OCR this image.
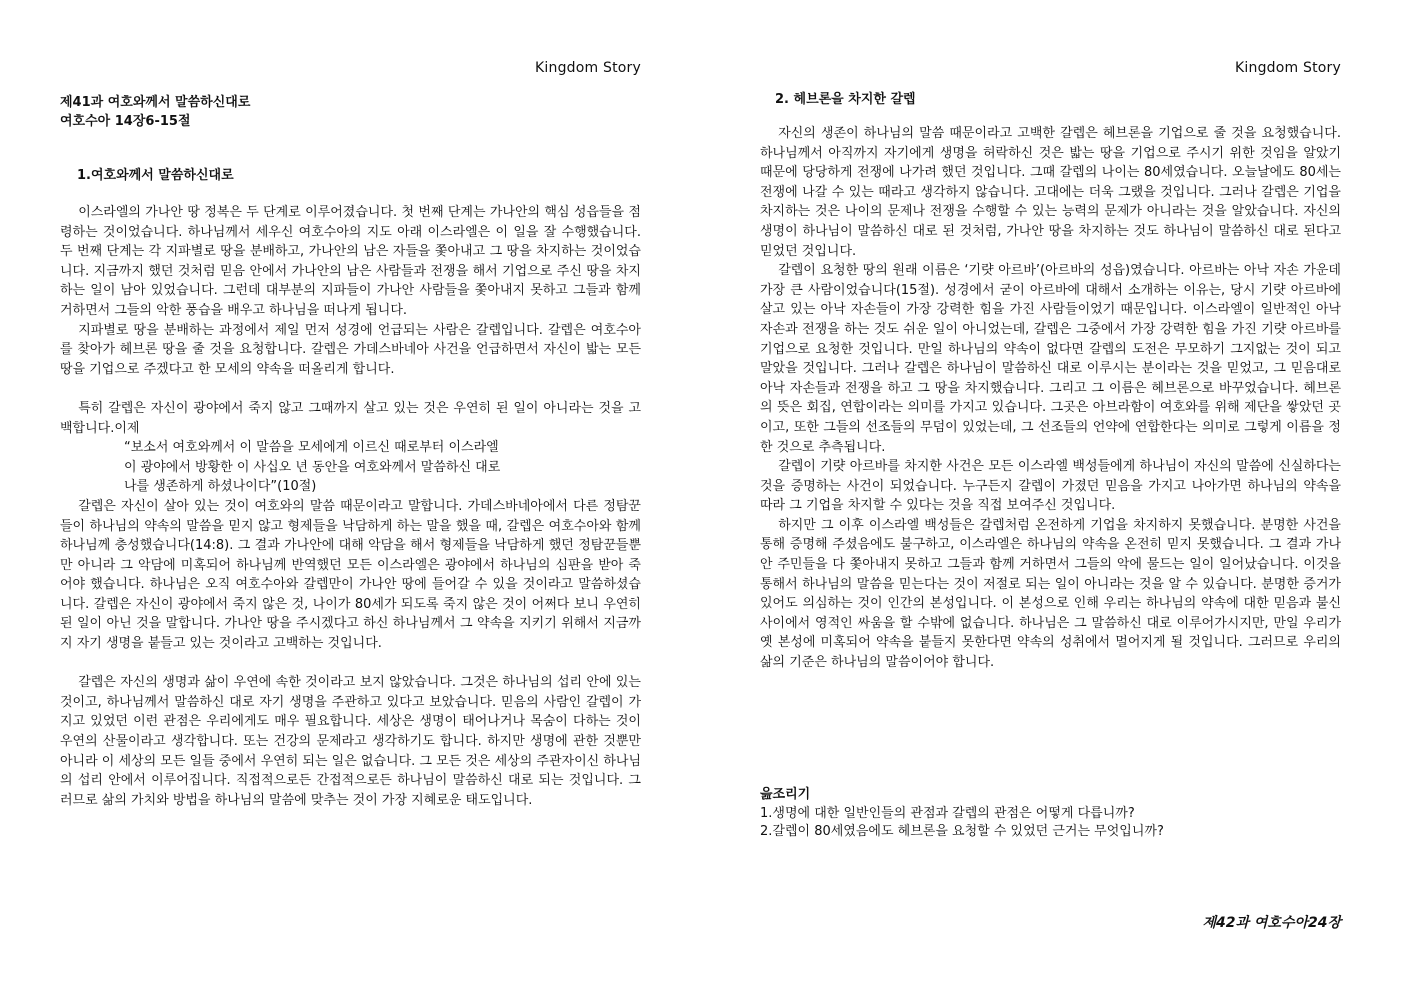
Kingdom Story
제41과 여호와께서 말씀하신대로
여호수아 14장6-15절
1.여호와께서 말씀하신대로

이스라엘의 가나안 땅 정복은 두 단계로 이루어졌습니다. 첫 번째 단계는 가나안의 핵심 성읍들을 점령하는 것이었습니다. 하나님께서 세우신 여호수아의 지도 아래 이스라엘은 이 일을 잘 수행했습니다. 두 번째 단계는 각 지파별로 땅을 분배하고, 가나안의 남은 자들을 쫓아내고 그 땅을 차지하는 것이었습니다. 지금까지 했던 것처럼 믿음 안에서 가나안의 남은 사람들과 전쟁을 해서 기업으로 주신 땅을 차지하는 일이 남아 있었습니다. 그런데 대부분의 지파들이 가나안 사람들을 쫓아내지 못하고 그들과 함께 거하면서 그들의 악한 풍습을 배우고 하나님을 떠나게 됩니다.

지파별로 땅을 분배하는 과정에서 제일 먼저 성경에 언급되는 사람은 갈렙입니다. 갈렙은 여호수아를 찾아가 헤브론 땅을 줄 것을 요청합니다. 갈렙은 가데스바네아 사건을 언급하면서 자신이 밟는 모든 땅을 기업으로 주겠다고 한 모세의 약속을 떠올리게 합니다.

특히 갈렙은 자신이 광야에서 죽지 않고 그때까지 살고 있는 것은 우연히 된 일이 아니라는 것을 고백합니다.이제

“보소서 여호와께서 이 말씀을 모세에게 이르신 때로부터 이스라엘

이 광야에서 방황한 이 사십오 년 동안을 여호와께서 말씀하신 대로

나를 생존하게 하셨나이다”(10절)

갈렙은 자신이 살아 있는 것이 여호와의 말씀 때문이라고 말합니다. 가데스바네아에서 다른 정탐꾼들이 하나님의 약속의 말씀을 믿지 않고 형제들을 낙담하게 하는 말을 했을 때, 갈렙은 여호수아와 함께 하나님께 충성했습니다(14:8). 그 결과 가나안에 대해 악담을 해서 형제들을 낙담하게 했던 정탐꾼들뿐만 아니라 그 악담에 미혹되어 하나님께 반역했던 모든 이스라엘은 광야에서 하나님의 심판을 받아 죽어야 했습니다. 하나님은 오직 여호수아와 갈렙만이 가나안 땅에 들어갈 수 있을 것이라고 말씀하셨습니다. 갈렙은 자신이 광야에서 죽지 않은 것, 나이가 80세가 되도록 죽지 않은 것이 어쩌다 보니 우연히 된 일이 아닌 것을 말합니다. 가나안 땅을 주시겠다고 하신 하나님께서 그 약속을 지키기 위해서 지금까지 자기 생명을 붙들고 있는 것이라고 고백하는 것입니다.

갈렙은 자신의 생명과 삶이 우연에 속한 것이라고 보지 않았습니다. 그것은 하나님의 섭리 안에 있는 것이고, 하나님께서 말씀하신 대로 자기 생명을 주관하고 있다고 보았습니다. 믿음의 사람인 갈렙이 가지고 있었던 이런 관점은 우리에게도 매우 필요합니다. 세상은 생명이 태어나거나 목숨이 다하는 것이 우연의 산물이라고 생각합니다. 또는 건강의 문제라고 생각하기도 합니다. 하지만 생명에 관한 것뿐만 아니라 이 세상의 모든 일들 중에서 우연히 되는 일은 없습니다. 그 모든 것은 세상의 주관자이신 하나님의 섭리 안에서 이루어집니다. 직접적으로든 간접적으로든 하나님이 말씀하신 대로 되는 것입니다. 그러므로 삶의 가치와 방법을 하나님의 말씀에 맞추는 것이 가장 지혜로운 태도입니다.

Kingdom Story
2. 헤브론을 차지한 갈렙

자신의 생존이 하나님의 말씀 때문이라고 고백한 갈렙은 헤브론을 기업으로 줄 것을 요청했습니다. 하나님께서 아직까지 자기에게 생명을 허락하신 것은 밟는 땅을 기업으로 주시기 위한 것임을 알았기 때문에 당당하게 전쟁에 나가려 했던 것입니다. 그때 갈렙의 나이는 80세였습니다. 오늘날에도 80세는 전쟁에 나갈 수 있는 때라고 생각하지 않습니다. 고대에는 더욱 그랬을 것입니다. 그러나 갈렙은 기업을 차지하는 것은 나이의 문제나 전쟁을 수행할 수 있는 능력의 문제가 아니라는 것을 알았습니다. 자신의 생명이 하나님이 말씀하신 대로 된 것처럼, 가나안 땅을 차지하는 것도 하나님이 말씀하신 대로 된다고 믿었던 것입니다.

갈렙이 요청한 땅의 원래 이름은 ‘기럇 아르바’(아르바의 성읍)였습니다. 아르바는 아낙 자손 가운데 가장 큰 사람이었습니다(15절). 성경에서 굳이 아르바에 대해서 소개하는 이유는, 당시 기럇 아르바에 살고 있는 아낙 자손들이 가장 강력한 힘을 가진 사람들이었기 때문입니다. 이스라엘이 일반적인 아낙 자손과 전쟁을 하는 것도 쉬운 일이 아니었는데, 갈렙은 그중에서 가장 강력한 힘을 가진 기럇 아르바를 기업으로 요청한 것입니다. 만일 하나님의 약속이 없다면 갈렙의 도전은 무모하기 그지없는 것이 되고 말았을 것입니다. 그러나 갈렙은 하나님이 말씀하신 대로 이루시는 분이라는 것을 믿었고, 그 믿음대로 아낙 자손들과 전쟁을 하고 그 땅을 차지했습니다. 그리고 그 이름은 헤브론으로 바꾸었습니다. 헤브론의 뜻은 회집, 연합이라는 의미를 가지고 있습니다. 그곳은 아브라함이 여호와를 위해 제단을 쌓았던 곳이고, 또한 그들의 선조들의 무덤이 있었는데, 그 선조들의 언약에 연합한다는 의미로 그렇게 이름을 정한 것으로 추측됩니다.

갈렙이 기럇 아르바를 차지한 사건은 모든 이스라엘 백성들에게 하나님이 자신의 말씀에 신실하다는 것을 증명하는 사건이 되었습니다. 누구든지 갈렙이 가졌던 믿음을 가지고 나아가면 하나님의 약속을 따라 그 기업을 차지할 수 있다는 것을 직접 보여주신 것입니다.

하지만 그 이후 이스라엘 백성들은 갈렙처럼 온전하게 기업을 차지하지 못했습니다. 분명한 사건을 통해 증명해 주셨음에도 불구하고, 이스라엘은 하나님의 약속을 온전히 믿지 못했습니다. 그 결과 가나안 주민들을 다 쫓아내지 못하고 그들과 함께 거하면서 그들의 악에 물드는 일이 일어났습니다. 이것을 통해서 하나님의 말씀을 믿는다는 것이 저절로 되는 일이 아니라는 것을 알 수 있습니다. 분명한 증거가 있어도 의심하는 것이 인간의 본성입니다. 이 본성으로 인해 우리는 하나님의 약속에 대한 믿음과 불신 사이에서 영적인 싸움을 할 수밖에 없습니다. 하나님은 그 말씀하신 대로 이루어가시지만, 만일 우리가 옛 본성에 미혹되어 약속을 붙들지 못한다면 약속의 성취에서 멀어지게 될 것입니다. 그러므로 우리의 삶의 기준은 하나님의 말씀이어야 합니다.

읊조리기
1.생명에 대한 일반인들의 관점과 갈렙의 관점은 어떻게 다릅니까?
2.갈렙이 80세였음에도 헤브론을 요청할 수 있었던 근거는 무엇입니까?
제42과 여호수아24장
